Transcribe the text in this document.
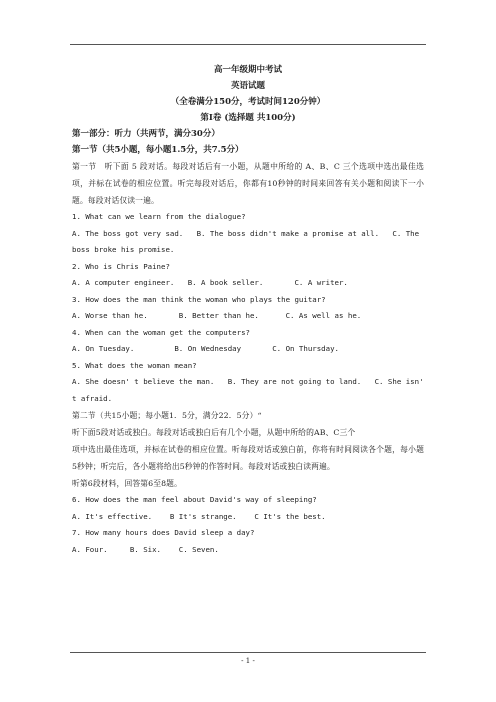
高一年级期中考试
英语试题
（全卷满分150分，考试时间120分钟）
第Ⅰ卷 (选择题 共100分)
第一部分：听力（共两节，满分30分）
第一节（共5小题，每小题1.5分，共7.5分）
第一节　听下面 5 段对话。每段对话后有一小题，从题中所给的 A、B、C 三个选项中选出最佳选项，并标在试卷的相应位置。听完每段对话后，你都有10秒钟的时间来回答有关小题和阅读下一小题。每段对话仅读一遍。
1. What can we learn from the dialogue?
A. The boss got very sad.   B. The boss didn't make a promise at all.   C. The boss broke his promise.
2. Who is Chris Paine?
A. A computer engineer.   B. A book seller.       C. A writer.
3. How does the man think the woman who plays the guitar?
A. Worse than he.       B. Better than he.      C. As well as he.
4. When can the woman get the computers?
A. On Tuesday.         B. On Wednesday       C. On Thursday.
5. What does the woman mean?
A. She doesn' t believe the man.   B. They are not going to land.   C. She isn' t afraid.
第二节（共15小题；每小题1．5分，满分22．5分）“
听下面5段对话或独白。每段对话或独白后有几个小题，从题中所给的AB、C三个
项中选出最佳选项，并标在试卷的相应位置。听每段对话或独白前，你将有时间阅读各个题，每小题5秒钟；听完后，各小题将给出5秒钟的作答时间。每段对话或独白读两遍。
听第6段材料，回答第6至8题。
6. How does the man feel about David's way of sleeping?
A. It's effective.    B It's strange.    C It's the best.
7. How many hours does David sleep a day?
A. Four.     B. Six.    C. Seven.
- 1 -
